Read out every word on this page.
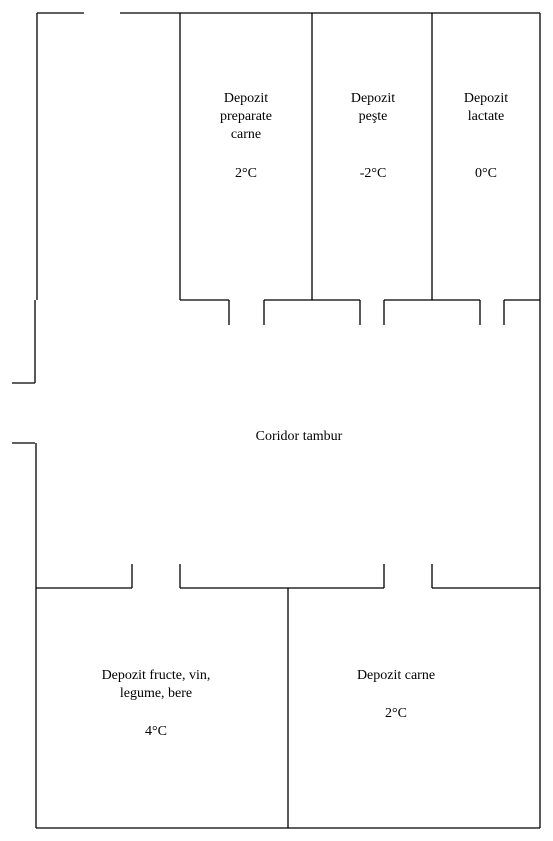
Depozit
preparate
carne
2°C
Depozit
peşte
-2°C
Depozit
lactate
0°C
Coridor tambur
Depozit fructe, vin,
legume, bere
4°C
Depozit carne
2°C
